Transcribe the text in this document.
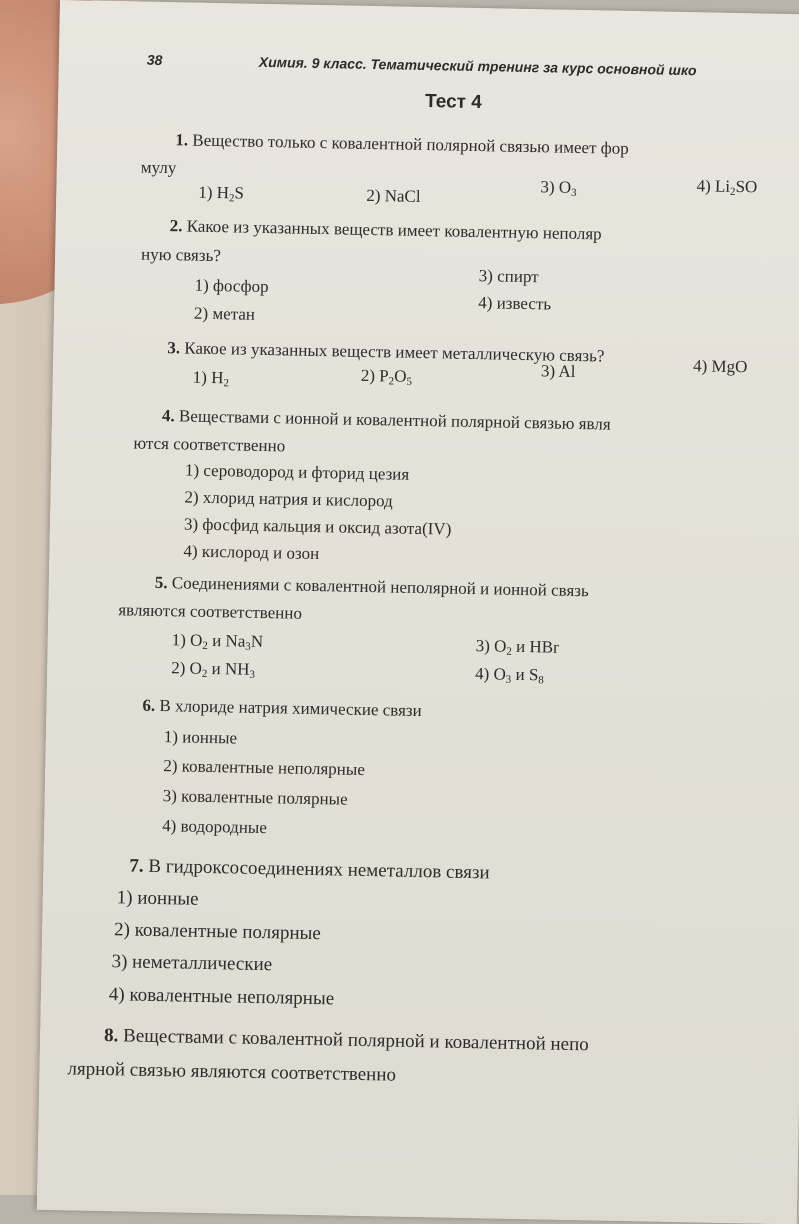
38	Химия. 9 класс. Тематический тренинг за курс основной шко
Тест 4
1. Вещество только с ковалентной полярной связью имеет фор
мулу
1) $H_2S$	2) NaCl	3) $O_3$	4) $Li_2SO$
2. Какое из указанных веществ имеет ковалентную неполяр
ную связь?
1) фосфор
2) метан
3) спирт
4) известь
3. Какое из указанных веществ имеет металлическую связь?
1) $H_2$	2) $P_2O_5$
3) Al	4) MgO
4. Веществами с ионной и ковалентной полярной связью явля
ются соответственно
1) сероводород и фторид цезия
2) хлорид натрия и кислород
3) фосфид кальция и оксид азота(IV)
4) кислород и озон
5. Соединениями с ковалентной неполярной и ионной связь
являются соответственно
1) $O_2$ и $Na_3N$
2) $O_2$ и $NH_3$
3) $O_2$ и HBr
4) $O_3$ и $S_8$
6. В хлориде натрия химические связи
1) ионные
2) ковалентные неполярные
3) ковалентные полярные
4) водородные
7. В гидроксосоединениях неметаллов связи
1) ионные
2) ковалентные полярные
3) неметаллические
4) ковалентные неполярные
8. Веществами с ковалентной полярной и ковалентной непо
лярной связью являются соответственно
